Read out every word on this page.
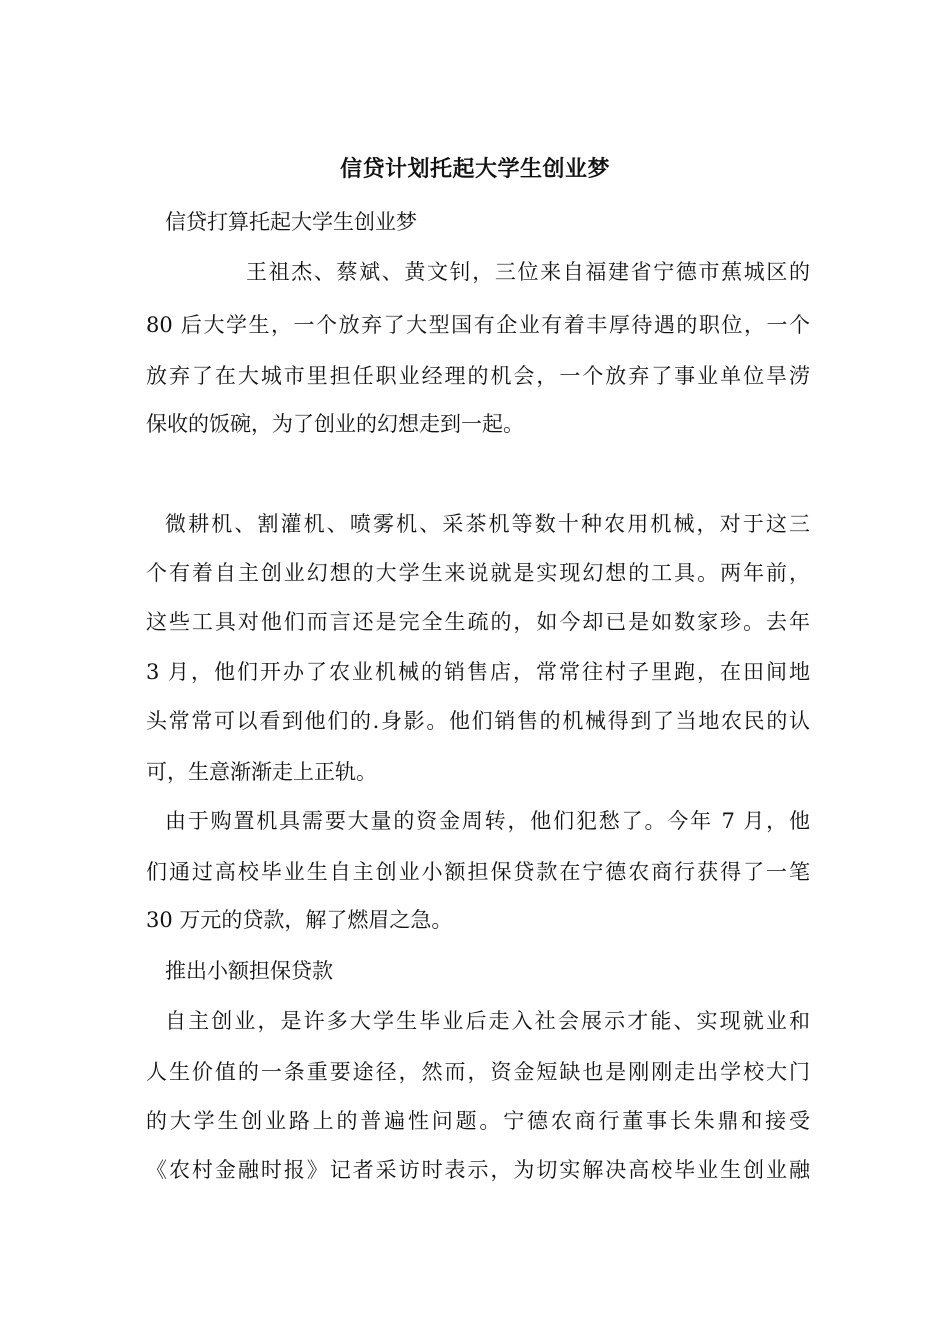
信贷计划托起大学生创业梦
信贷打算托起大学生创业梦
王祖杰、蔡斌、黄文钊，三位来自福建省宁德市蕉城区的
80 后大学生，一个放弃了大型国有企业有着丰厚待遇的职位，一个
放弃了在大城市里担任职业经理的机会，一个放弃了事业单位旱涝
保收的饭碗，为了创业的幻想走到一起。
微耕机、割灌机、喷雾机、采茶机等数十种农用机械，对于这三
个有着自主创业幻想的大学生来说就是实现幻想的工具。两年前，
这些工具对他们而言还是完全生疏的，如今却已是如数家珍。去年
3 月，他们开办了农业机械的销售店，常常往村子里跑，在田间地
头常常可以看到他们的.身影。他们销售的机械得到了当地农民的认
可，生意渐渐走上正轨。
由于购置机具需要大量的资金周转，他们犯愁了。今年 7 月，他
们通过高校毕业生自主创业小额担保贷款在宁德农商行获得了一笔
30 万元的贷款，解了燃眉之急。
推出小额担保贷款
自主创业，是许多大学生毕业后走入社会展示才能、实现就业和
人生价值的一条重要途径，然而，资金短缺也是刚刚走出学校大门
的大学生创业路上的普遍性问题。宁德农商行董事长朱鼎和接受
《农村金融时报》记者采访时表示，为切实解决高校毕业生创业融
